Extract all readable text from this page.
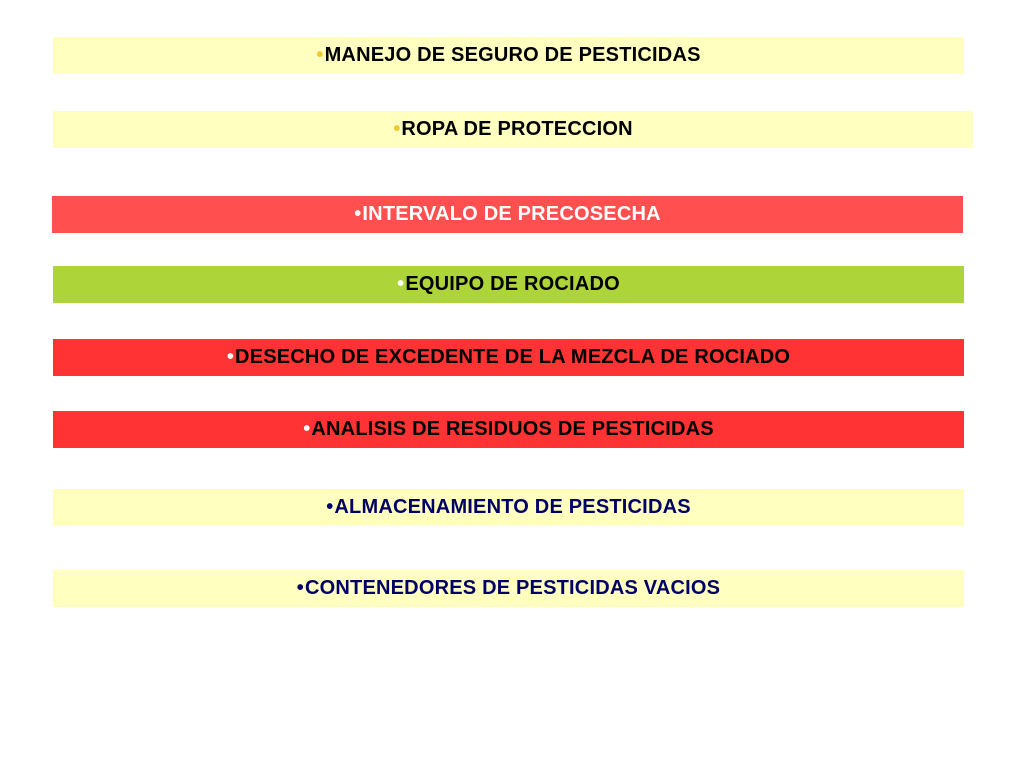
• MANEJO DE SEGURO DE PESTICIDAS
• ROPA DE PROTECCION
• INTERVALO DE PRECOSECHA
• EQUIPO DE ROCIADO
• DESECHO DE EXCEDENTE DE LA MEZCLA DE ROCIADO
• ANALISIS DE RESIDUOS DE PESTICIDAS
• ALMACENAMIENTO DE PESTICIDAS
• CONTENEDORES DE PESTICIDAS VACIOS
